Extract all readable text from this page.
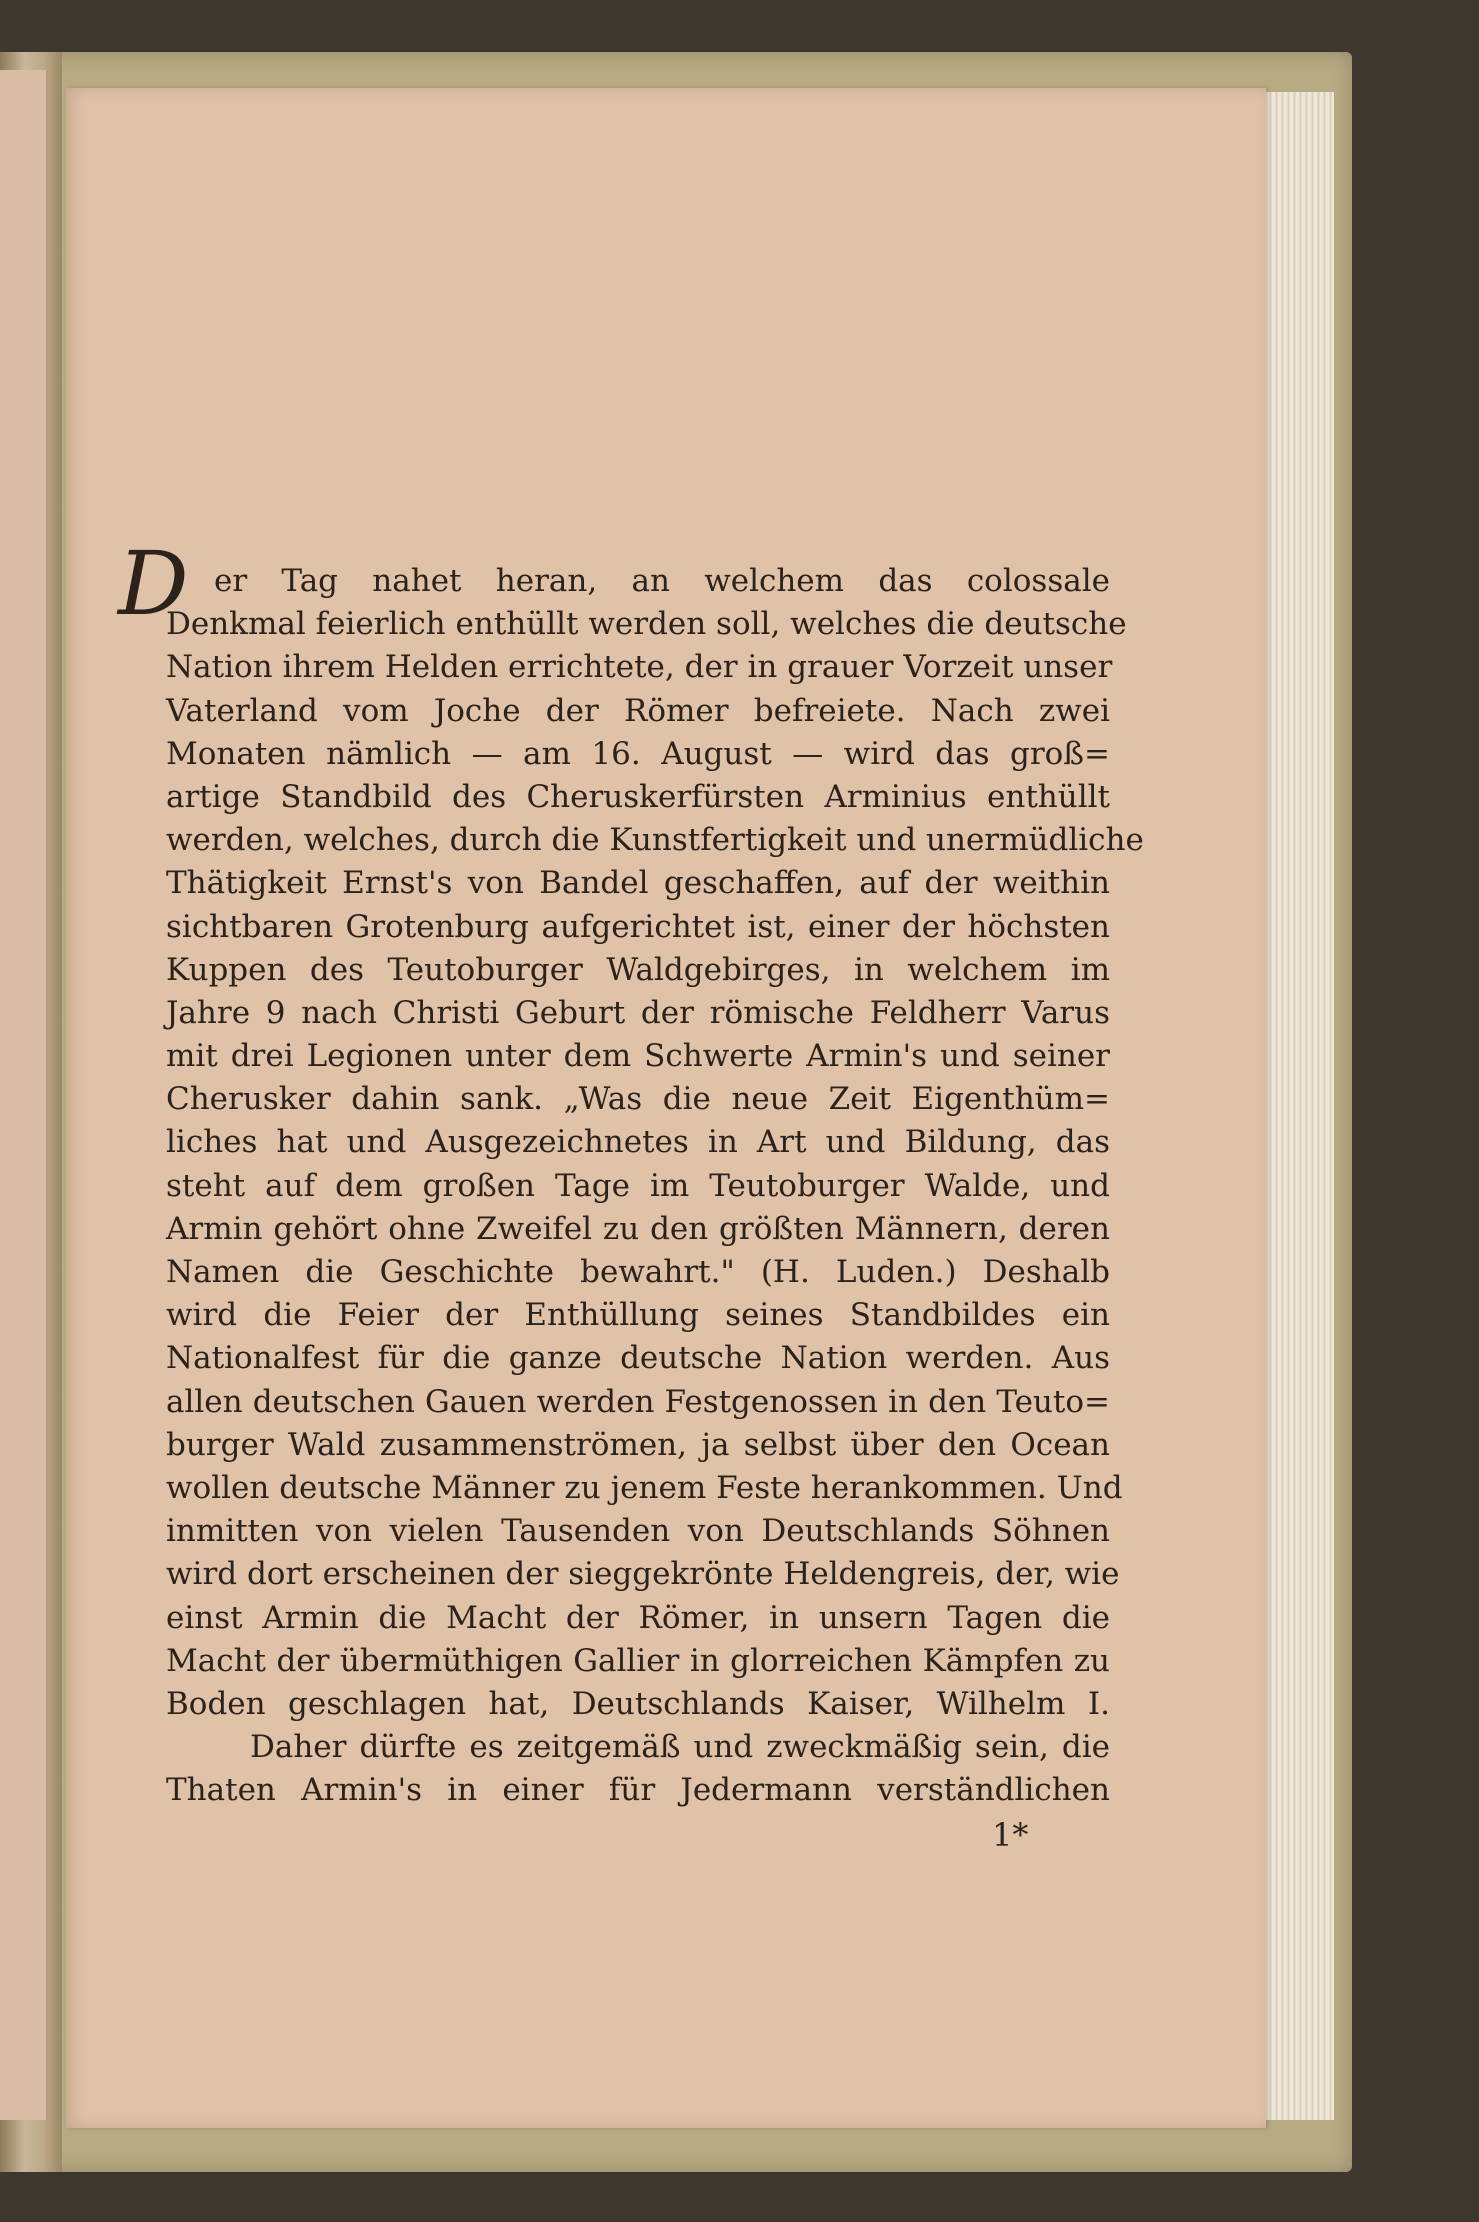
D er Tag nahet heran, an welchem das colossale
Denkmal feierlich enthüllt werden soll, welches die deutsche
Nation ihrem Helden errichtete, der in grauer Vorzeit unser
Vaterland vom Joche der Römer befreiete. Nach zwei
Monaten nämlich — am 16. August — wird das groß=
artige Standbild des Cheruskerfürsten Arminius enthüllt
werden, welches, durch die Kunstfertigkeit und unermüdliche
Thätigkeit Ernst's von Bandel geschaffen, auf der weithin
sichtbaren Grotenburg aufgerichtet ist, einer der höchsten
Kuppen des Teutoburger Waldgebirges, in welchem im
Jahre 9 nach Christi Geburt der römische Feldherr Varus
mit drei Legionen unter dem Schwerte Armin's und seiner
Cherusker dahin sank. „Was die neue Zeit Eigenthüm=
liches hat und Ausgezeichnetes in Art und Bildung, das
steht auf dem großen Tage im Teutoburger Walde, und
Armin gehört ohne Zweifel zu den größten Männern, deren
Namen die Geschichte bewahrt." (H. Luden.) Deshalb
wird die Feier der Enthüllung seines Standbildes ein
Nationalfest für die ganze deutsche Nation werden. Aus
allen deutschen Gauen werden Festgenossen in den Teuto=
burger Wald zusammenströmen, ja selbst über den Ocean
wollen deutsche Männer zu jenem Feste herankommen. Und
inmitten von vielen Tausenden von Deutschlands Söhnen
wird dort erscheinen der sieggekrönte Heldengreis, der, wie
einst Armin die Macht der Römer, in unsern Tagen die
Macht der übermüthigen Gallier in glorreichen Kämpfen zu
Boden geschlagen hat, Deutschlands Kaiser, Wilhelm I.
Daher dürfte es zeitgemäß und zweckmäßig sein, die
Thaten Armin's in einer für Jedermann verständlichen
1*
